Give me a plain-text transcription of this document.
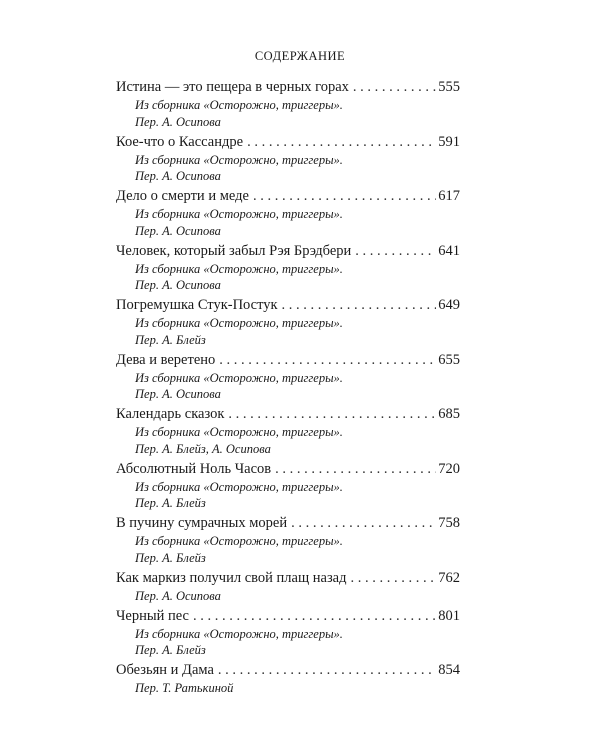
СОДЕРЖАНИЕ
Истина — это пещера в черных горах . . .	555
Из сборника «Осторожно, триггеры».
Пер. А. Осипова
Кое-что о Кассандре . . .	591
Из сборника «Осторожно, триггеры».
Пер. А. Осипова
Дело о смерти и меде . . .	617
Из сборника «Осторожно, триггеры».
Пер. А. Осипова
Человек, который забыл Рэя Брэдбери . . .	641
Из сборника «Осторожно, триггеры».
Пер. А. Осипова
Погремушка Стук-Постук . . .	649
Из сборника «Осторожно, триггеры».
Пер. А. Блейз
Дева и веретено . . .	655
Из сборника «Осторожно, триггеры».
Пер. А. Осипова
Календарь сказок . . .	685
Из сборника «Осторожно, триггеры».
Пер. А. Блейз, А. Осипова
Абсолютный Ноль Часов . . .	720
Из сборника «Осторожно, триггеры».
Пер. А. Блейз
В пучину сумрачных морей . . .	758
Из сборника «Осторожно, триггеры».
Пер. А. Блейз
Как маркиз получил свой плащ назад . . .	762
Пер. А. Осипова
Черный пес . . .	801
Из сборника «Осторожно, триггеры».
Пер. А. Блейз
Обезьян и Дама . . .	854
Пер. Т. Ратькиной
